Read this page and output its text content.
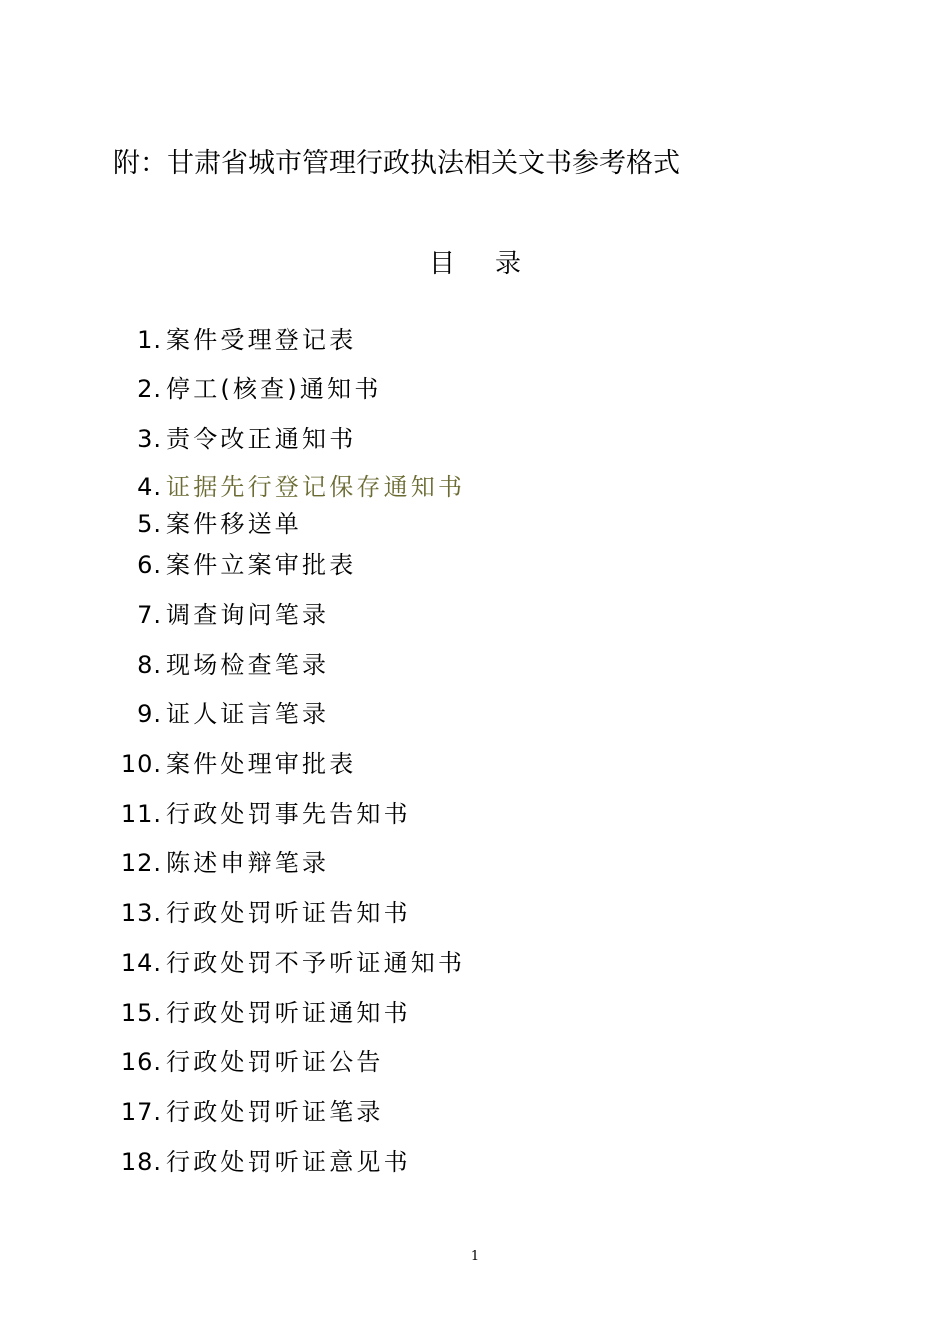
附：甘肃省城市管理行政执法相关文书参考格式
目录
1. 案件受理登记表
2. 停工(核查)通知书
3. 责令改正通知书
4. 证据先行登记保存通知书
5. 案件移送单
6. 案件立案审批表
7. 调查询问笔录
8. 现场检查笔录
9. 证人证言笔录
10. 案件处理审批表
11. 行政处罚事先告知书
12. 陈述申辩笔录
13. 行政处罚听证告知书
14. 行政处罚不予听证通知书
15. 行政处罚听证通知书
16. 行政处罚听证公告
17. 行政处罚听证笔录
18. 行政处罚听证意见书
1
